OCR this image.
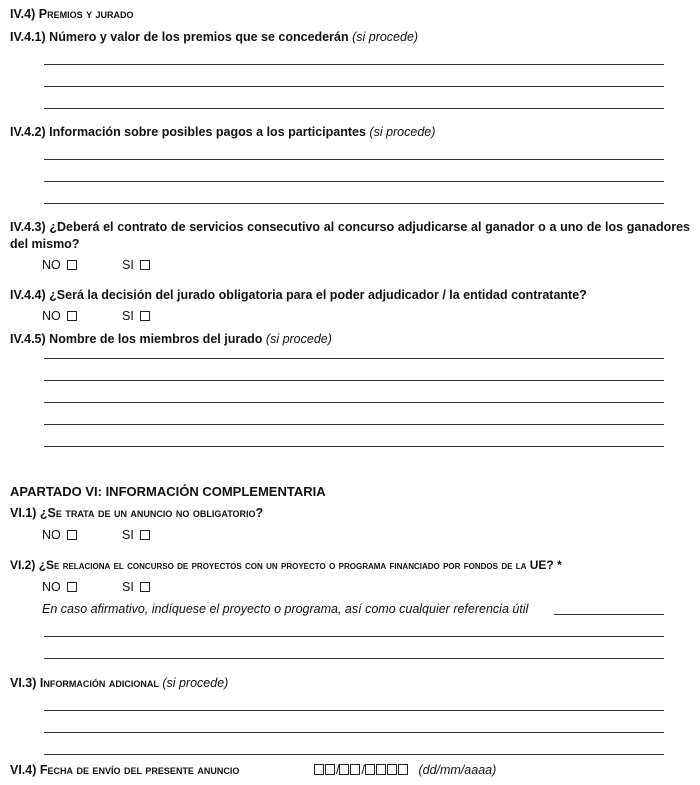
IV.4) Premios y jurado
IV.4.1) Número y valor de los premios que se concederán (si procede)
IV.4.2) Información sobre posibles pagos a los participantes (si procede)
IV.4.3) ¿Deberá el contrato de servicios consecutivo al concurso adjudicarse al ganador o a uno de los ganadores del mismo?
NO	SI
IV.4.4) ¿Será la decisión del jurado obligatoria para el poder adjudicador / la entidad contratante?
NO	SI
IV.4.5) Nombre de los miembros del jurado (si procede)
APARTADO VI: INFORMACIÓN COMPLEMENTARIA
VI.1) ¿Se trata de un anuncio no obligatorio?
NO	SI
VI.2) ¿Se relaciona el concurso de proyectos con un proyecto o programa financiado por fondos de la UE? *
NO	SI
En caso afirmativo, indíquese el proyecto o programa, así como cualquier referencia útil
VI.3) Información adicional (si procede)
VI.4) Fecha de envío del presente anuncio	/ /	(dd/mm/aaaa)
